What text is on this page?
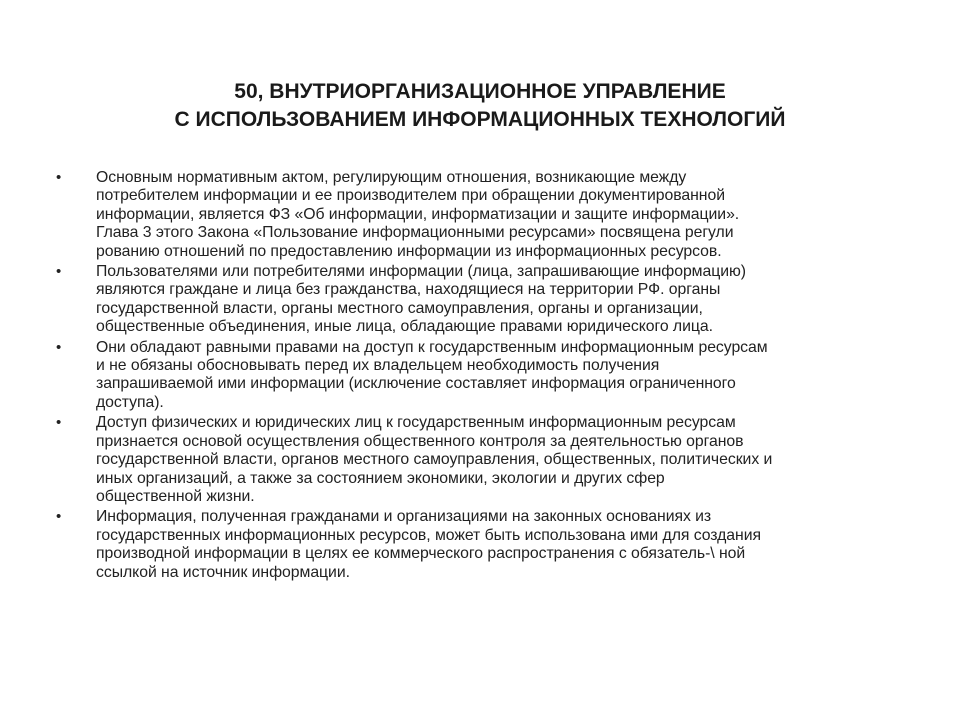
50, ВНУТРИОРГАНИЗАЦИОННОЕ УПРАВЛЕНИЕ
С ИСПОЛЬЗОВАНИЕМ ИНФОРМАЦИОННЫХ ТЕХНОЛОГИЙ
• Основным нормативным актом, регулирующим отношения, возникающие между
потребителем информации и ее производителем при обращении документированной
информации, является ФЗ «Об информации, информатизации и защите информации».
Глава 3 этого Закона «Пользование информационными ресурсами» посвящена регули
рованию отношений по предоставлению информации из информационных ресурсов.
• Пользователями или потребителями информации (лица, запрашивающие информацию)
являются граждане и лица без гражданства, находящиеся на территории РФ. органы
государственной власти, органы местного самоуправления, органы и организации,
общественные объединения, иные лица, обладающие правами юридического лица.
• Они обладают равными правами на доступ к государственным информационным ресурсам
и не обязаны обосновывать перед их владельцем необходимость получения
запрашиваемой ими информации (исключение составляет информация ограниченного
доступа).
• Доступ физических и юридических лиц к государственным информационным ресурсам
признается основой осуществления общественного контроля за деятельностью органов
государственной власти, органов местного самоуправления, общественных, политических и
иных организаций, а также за состоянием экономики, экологии и других сфер
общественной жизни.
• Информация, полученная гражданами и организациями на законных основаниях из
государственных информационных ресурсов, может быть использована ими для создания
производной информации в целях ее коммерческого распространения с обязатель-\ ной
ссылкой на источник информации.
